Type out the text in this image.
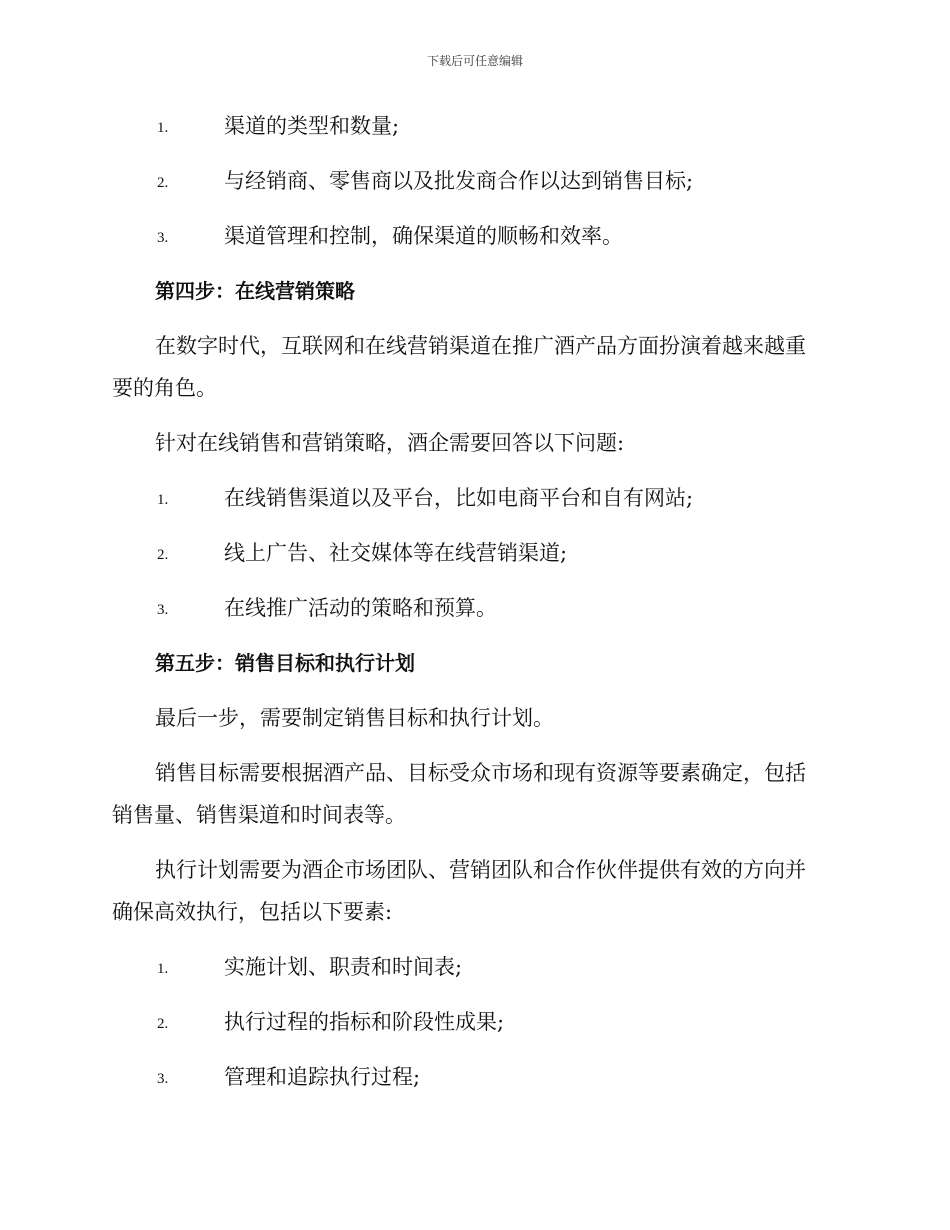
下载后可任意编辑
1.	渠道的类型和数量;
2.	与经销商、零售商以及批发商合作以达到销售目标;
3.	渠道管理和控制，确保渠道的顺畅和效率。
第四步：在线营销策略
在数字时代，互联网和在线营销渠道在推广酒产品方面扮演着越来越重
要的角色。
针对在线销售和营销策略，酒企需要回答以下问题:
1.	在线销售渠道以及平台，比如电商平台和自有网站;
2.	线上广告、社交媒体等在线营销渠道;
3.	在线推广活动的策略和预算。
第五步：销售目标和执行计划
最后一步，需要制定销售目标和执行计划。
销售目标需要根据酒产品、目标受众市场和现有资源等要素确定，包括
销售量、销售渠道和时间表等。
执行计划需要为酒企市场团队、营销团队和合作伙伴提供有效的方向并
确保高效执行，包括以下要素:
1.	实施计划、职责和时间表;
2.	执行过程的指标和阶段性成果;
3.	管理和追踪执行过程;
